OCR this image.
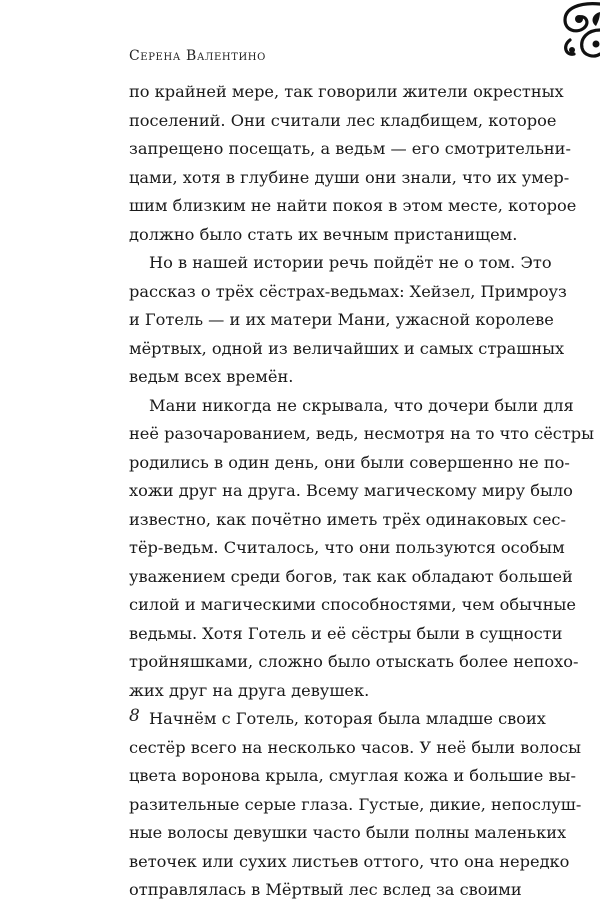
Серена Валентино
по крайней мере, так говорили жители окрестных
поселений. Они считали лес кладбищем, которое
запрещено посещать, а ведьм — его смотрительни-
цами, хотя в глубине души они знали, что их умер-
шим близким не найти покоя в этом месте, которое
должно было стать их вечным пристанищем.
Но в нашей истории речь пойдёт не о том. Это
рассказ о трёх сёстрах-ведьмах: Хейзел, Примроуз
и Готель — и их матери Мани, ужасной королеве
мёртвых, одной из величайших и самых страшных
ведьм всех времён.
Мани никогда не скрывала, что дочери были для
неё разочарованием, ведь, несмотря на то что сёстры
родились в один день, они были совершенно не по-
хожи друг на друга. Всему магическому миру было
известно, как почётно иметь трёх одинаковых сес-
тёр-ведьм. Считалось, что они пользуются особым
уважением среди богов, так как обладают большей
силой и магическими способностями, чем обычные
ведьмы. Хотя Готель и её сёстры были в сущности
тройняшками, сложно было отыскать более непохо-
жих друг на друга девушек.
Начнём с Готель, которая была младше своих
сестёр всего на несколько часов. У неё были волосы
цвета воронова крыла, смуглая кожа и большие вы-
разительные серые глаза. Густые, дикие, непослуш-
ные волосы девушки часто были полны маленьких
веточек или сухих листьев оттого, что она нередко
отправлялась в Мёртвый лес вслед за своими
8
